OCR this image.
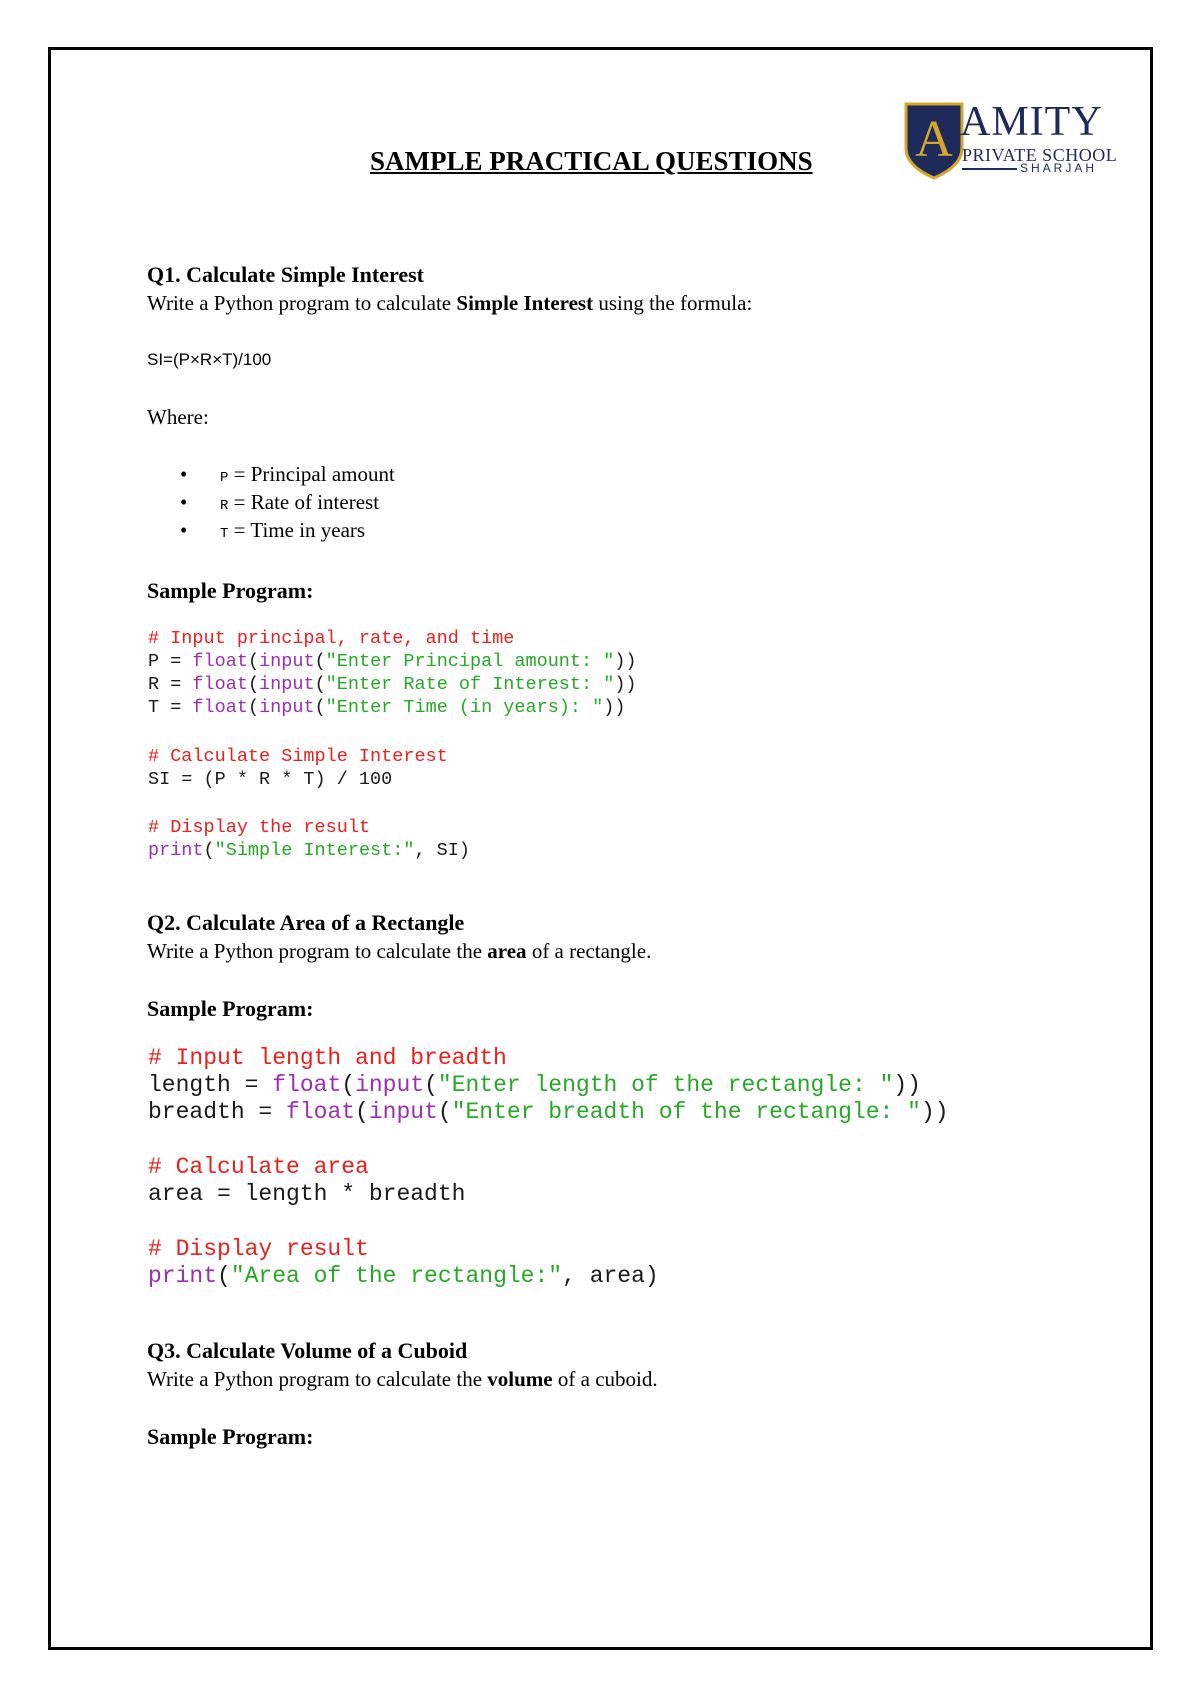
A AMITY
PRIVATE SCHOOL
SHARJAH
SAMPLE PRACTICAL QUESTIONS
Q1. Calculate Simple Interest
Write a Python program to calculate Simple Interest using the formula:
SI=(P×R×T)/100
Where:
• P = Principal amount
• R = Rate of interest
• T = Time in years
Sample Program:
# Input principal, rate, and time
P = float(input("Enter Principal amount: "))
R = float(input("Enter Rate of Interest: "))
T = float(input("Enter Time (in years): "))
# Calculate Simple Interest
SI = (P * R * T) / 100
# Display the result
print("Simple Interest:", SI)
Q2. Calculate Area of a Rectangle
Write a Python program to calculate the area of a rectangle.
Sample Program:
# Input length and breadth
length = float(input("Enter length of the rectangle: "))
breadth = float(input("Enter breadth of the rectangle: "))
# Calculate area
area = length * breadth
# Display result
print("Area of the rectangle:", area)
Q3. Calculate Volume of a Cuboid
Write a Python program to calculate the volume of a cuboid.
Sample Program:
